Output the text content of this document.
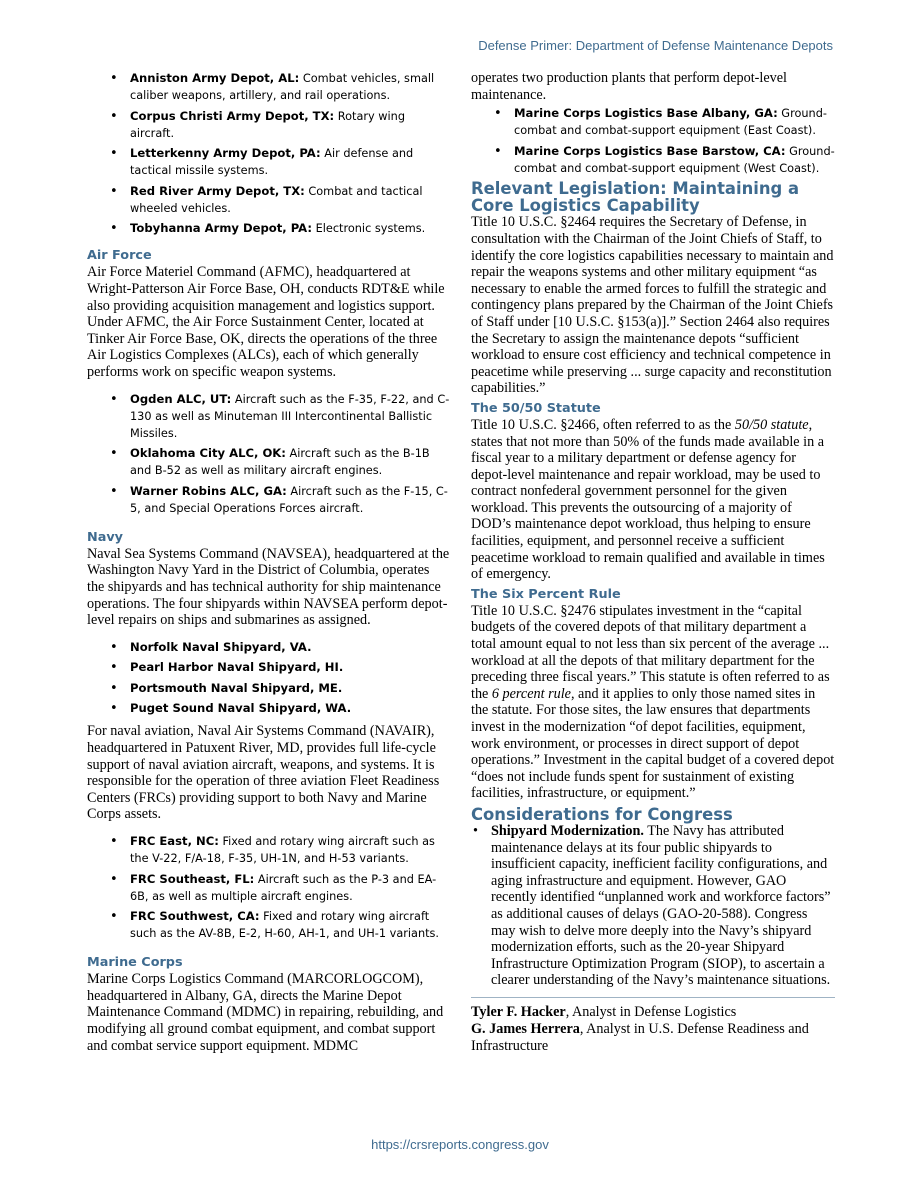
Defense Primer: Department of Defense Maintenance Depots
• Anniston Army Depot, AL: Combat vehicles, small caliber weapons, artillery, and rail operations.
• Corpus Christi Army Depot, TX: Rotary wing aircraft.
• Letterkenny Army Depot, PA: Air defense and tactical missile systems.
• Red River Army Depot, TX: Combat and tactical wheeled vehicles.
• Tobyhanna Army Depot, PA: Electronic systems.
Air Force

Air Force Materiel Command (AFMC), headquartered at Wright-Patterson Air Force Base, OH, conducts RDT&E while also providing acquisition management and logistics support. Under AFMC, the Air Force Sustainment Center, located at Tinker Air Force Base, OK, directs the operations of the three Air Logistics Complexes (ALCs), each of which generally performs work on specific weapon systems.

• Ogden ALC, UT: Aircraft such as the F-35, F-22, and C-130 as well as Minuteman III Intercontinental Ballistic Missiles.
• Oklahoma City ALC, OK: Aircraft such as the B-1B and B-52 as well as military aircraft engines.
• Warner Robins ALC, GA: Aircraft such as the F-15, C-5, and Special Operations Forces aircraft.
Navy

Naval Sea Systems Command (NAVSEA), headquartered at the Washington Navy Yard in the District of Columbia, operates the shipyards and has technical authority for ship maintenance operations. The four shipyards within NAVSEA perform depot-level repairs on ships and submarines as assigned.

• Norfolk Naval Shipyard, VA.
• Pearl Harbor Naval Shipyard, HI.
• Portsmouth Naval Shipyard, ME.
• Puget Sound Naval Shipyard, WA.

For naval aviation, Naval Air Systems Command (NAVAIR), headquartered in Patuxent River, MD, provides full life-cycle support of naval aviation aircraft, weapons, and systems. It is responsible for the operation of three aviation Fleet Readiness Centers (FRCs) providing support to both Navy and Marine Corps assets.

• FRC East, NC: Fixed and rotary wing aircraft such as the V-22, F/A-18, F-35, UH-1N, and H-53 variants.
• FRC Southeast, FL: Aircraft such as the P-3 and EA-6B, as well as multiple aircraft engines.
• FRC Southwest, CA: Fixed and rotary wing aircraft such as the AV-8B, E-2, H-60, AH-1, and UH-1 variants.
Marine Corps

Marine Corps Logistics Command (MARCORLOGCOM), headquartered in Albany, GA, directs the Marine Depot Maintenance Command (MDMC) in repairing, rebuilding, and modifying all ground combat equipment, and combat support and combat service support equipment. MDMC

operates two production plants that perform depot-level maintenance.

• Marine Corps Logistics Base Albany, GA: Ground-combat and combat-support equipment (East Coast).
• Marine Corps Logistics Base Barstow, CA: Ground-combat and combat-support equipment (West Coast).
Relevant Legislation: Maintaining a Core Logistics Capability

Title 10 U.S.C. §2464 requires the Secretary of Defense, in consultation with the Chairman of the Joint Chiefs of Staff, to identify the core logistics capabilities necessary to maintain and repair the weapons systems and other military equipment “as necessary to enable the armed forces to fulfill the strategic and contingency plans prepared by the Chairman of the Joint Chiefs of Staff under [10 U.S.C. §153(a)].” Section 2464 also requires the Secretary to assign the maintenance depots “sufficient workload to ensure cost efficiency and technical competence in peacetime while preserving ... surge capacity and reconstitution capabilities.”

The 50/50 Statute

Title 10 U.S.C. §2466, often referred to as the 50/50 statute, states that not more than 50% of the funds made available in a fiscal year to a military department or defense agency for depot-level maintenance and repair workload, may be used to contract nonfederal government personnel for the given workload. This prevents the outsourcing of a majority of DOD’s maintenance depot workload, thus helping to ensure facilities, equipment, and personnel receive a sufficient peacetime workload to remain qualified and available in times of emergency.

The Six Percent Rule

Title 10 U.S.C. §2476 stipulates investment in the “capital budgets of the covered depots of that military department a total amount equal to not less than six percent of the average ... workload at all the depots of that military department for the preceding three fiscal years.” This statute is often referred to as the 6 percent rule, and it applies to only those named sites in the statute. For those sites, the law ensures that departments invest in the modernization “of depot facilities, equipment, work environment, or processes in direct support of depot operations.” Investment in the capital budget of a covered depot “does not include funds spent for sustainment of existing facilities, infrastructure, or equipment.”

Considerations for Congress
• Shipyard Modernization. The Navy has attributed maintenance delays at its four public shipyards to insufficient capacity, inefficient facility configurations, and aging infrastructure and equipment. However, GAO recently identified “unplanned work and workforce factors” as additional causes of delays (GAO-20-588). Congress may wish to delve more deeply into the Navy’s shipyard modernization efforts, such as the 20-year Shipyard Infrastructure Optimization Program (SIOP), to ascertain a clearer understanding of the Navy’s maintenance situations.

Tyler F. Hacker, Analyst in Defense Logistics

G. James Herrera, Analyst in U.S. Defense Readiness and Infrastructure

https://crsreports.congress.gov
